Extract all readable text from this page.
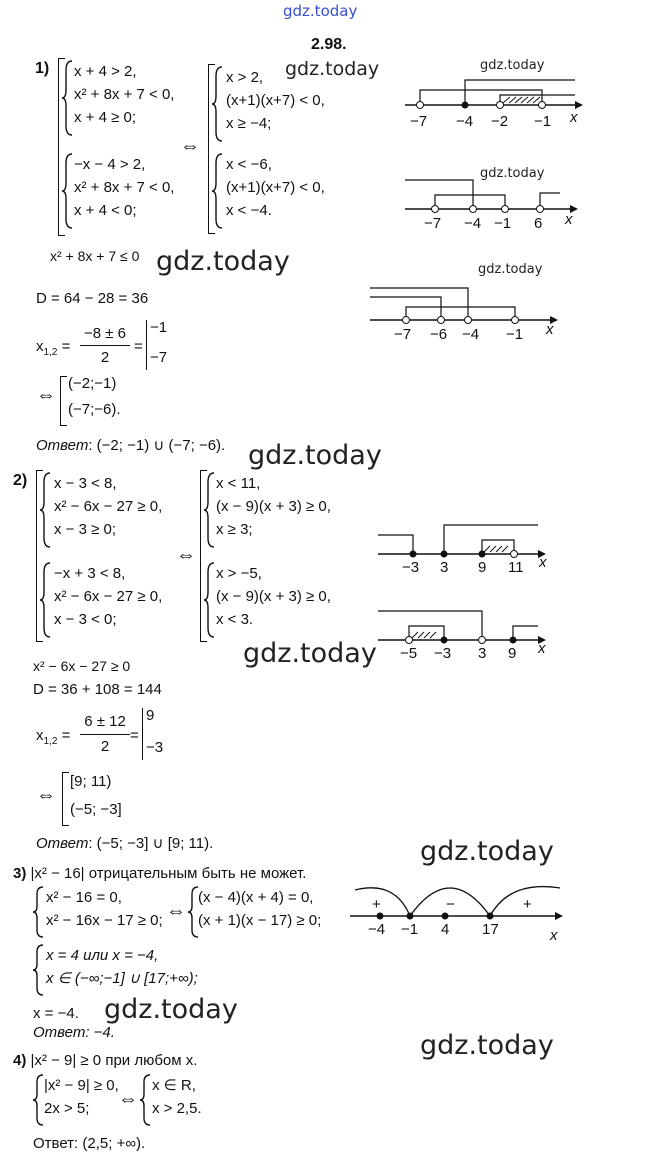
gdz.today
2.98.
1) x + 4 > 2,
x² + 8x + 7 < 0,
x + 4 ≥ 0;
−x − 4 > 2,
x² + 8x + 7 < 0,
x + 4 < 0;
⇔
x > 2,
(x+1)(x+7) < 0,
x ≥ −4;
x < −6,
(x+1)(x+7) < 0,
x < −4.
gdz.today
−7 −4 −2 −1 x
gdz.today
−7 −4 −1 6 x
gdz.today
x² + 8x + 7 ≤ 0 gdz.today	gdz.today
−7 −6 −4 −1 x
D = 64 − 28 = 36
$x_{1,2}$ =
−8 ± 6
2
=
−1
−7
⇔
(−2;−1)
(−7;−6).
Ответ: (−2; −1) ∪ (−7; −6). gdz.today
2) x − 3 < 8,
x² − 6x − 27 ≥ 0,
x − 3 ≥ 0;
−x + 3 < 8,
x² − 6x − 27 ≥ 0,
x − 3 < 0;
⇔
x < 11,
(x − 9)(x + 3) ≥ 0,
x ≥ 3;
x > −5,
(x − 9)(x + 3) ≥ 0,
x < 3.
−3 3 9 11 x
−5 −3 3 9 x
gdz.today
x² − 6x − 27 ≥ 0
D = 36 + 108 = 144
$x_{1,2}$ =
6 ± 12
2
=
9
−3
⇔
[9; 11)
(−5; −3]
Ответ: (−5; −3] ∪ [9; 11).	gdz.today
3) |x² − 16| отрицательным быть не может.
x² − 16 = 0,
x² − 16x − 17 ≥ 0; ⇔
(x − 4)(x + 4) = 0,
(x + 1)(x − 17) ≥ 0;
+	−	+
−4 −1 4 17	x
x = 4 или x = −4,
x ∈ (−∞;−1] ∪ [17;+∞);
x = −4. gdz.today
Ответ: −4.	gdz.today
4) |x² − 9| ≥ 0 при любом x.
|x² − 9| ≥ 0,
2x > 5;	⇔
x ∈ R,
x > 2,5.
Ответ: (2,5; +∞).
